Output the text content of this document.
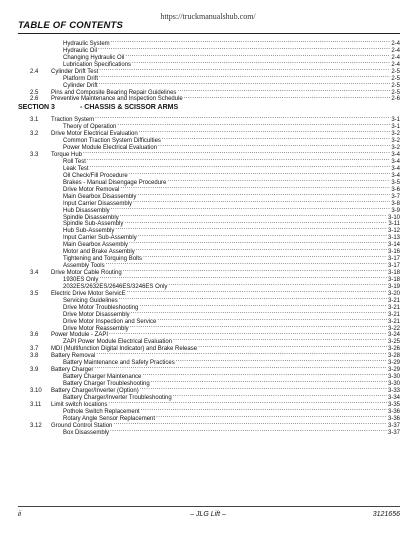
https://truckmanualshub.com/
TABLE OF CONTENTS
Hydraulic System . . .	2-4
Hydraulic Oil . . .	2-4
Changing Hydraulic Oil . . .	2-4
Lubrication Specifications . . .	2-4
2.4	Cylinder Drift Test . . .	2-5
Platform Drift . . .	2-5
Cylinder Drift . . .	2-5
2.5	Pins and Composite Bearing Repair Guidelines . . .	2-5
2.6	Preventive Maintenance and Inspection Schedule . . .	2-6
SECTION 3	- CHASSIS & SCISSOR ARMS
3.1	Traction System . . .	3-1
Theory of Operation . . .	3-1
3.2	Drive Motor Electrical Evaluation . . .	3-2
Common Traction System Difficulties . . .	3-2
Power Module Electrical Evaluation . . .	3-2
3.3	Torque Hub . . .	3-4
Roll Test . . .	3-4
Leak Test . . .	3-4
Oil Check/Fill Procedure . . .	3-4
Brakes - Manual Disengage Procedure . . .	3-5
Drive Motor Removal . . .	3-6
Main Gearbox Disassembly . . .	3-7
Input Carrier Disassembly . . .	3-8
Hub Disassembly . . .	3-9
Spindle Disassembly . . .	3-10
Spindle Sub-Assembly . . .	3-11
Hub Sub-Assembly . . .	3-12
Input Carrier Sub-Assembly . . .	3-13
Main Gearbox Assembly . . .	3-14
Motor and Brake Assembly . . .	3-16
Tightening and Torquing Bolts . . .	3-17
Assembly Tools . . .	3-17
3.4	Drive Motor Cable Routing . . .	3-18
1930ES Only . . .	3-18
2032ES/2632ES/2646ES/3246ES Only . . .	3-19
3.5	Electric Drive Motor ServicE . . .	3-20
Servicing Guidelines . . .	3-21
Drive Motor Troubleshooting . . .	3-21
Drive Motor Disassembly . . .	3-21
Drive Motor Inspection and Service . . .	3-21
Drive Motor Reassembly . . .	3-22
3.6	Power Module - ZAPI . . .	3-24
ZAPI Power Module Electrical Evaluation . . .	3-25
3.7	MDI (Multifunction Digital Indicator) and Brake Release . . .	3-26
3.8	Battery Removal . . .	3-28
Battery Maintenance and Safety Practices . . .	3-29
3.9	Battery Charger . . .	3-29
Battery Charger Maintenance . . .	3-30
Battery Charger Troubleshooting . . .	3-30
3.10	Battery Charger/Inverter (Option) . . .	3-33
Battery Charger/Inverter Troubleshooting . . .	3-34
3.11	Limit switch locations . . .	3-35
Pothole Switch Replacement . . .	3-36
Rotary Angle Sensor Replacement . . .	3-36
3.12	Ground Control Station . . .	3-37
Box Disassembly . . .	3-37
ii	– JLG Lift –	3121656
